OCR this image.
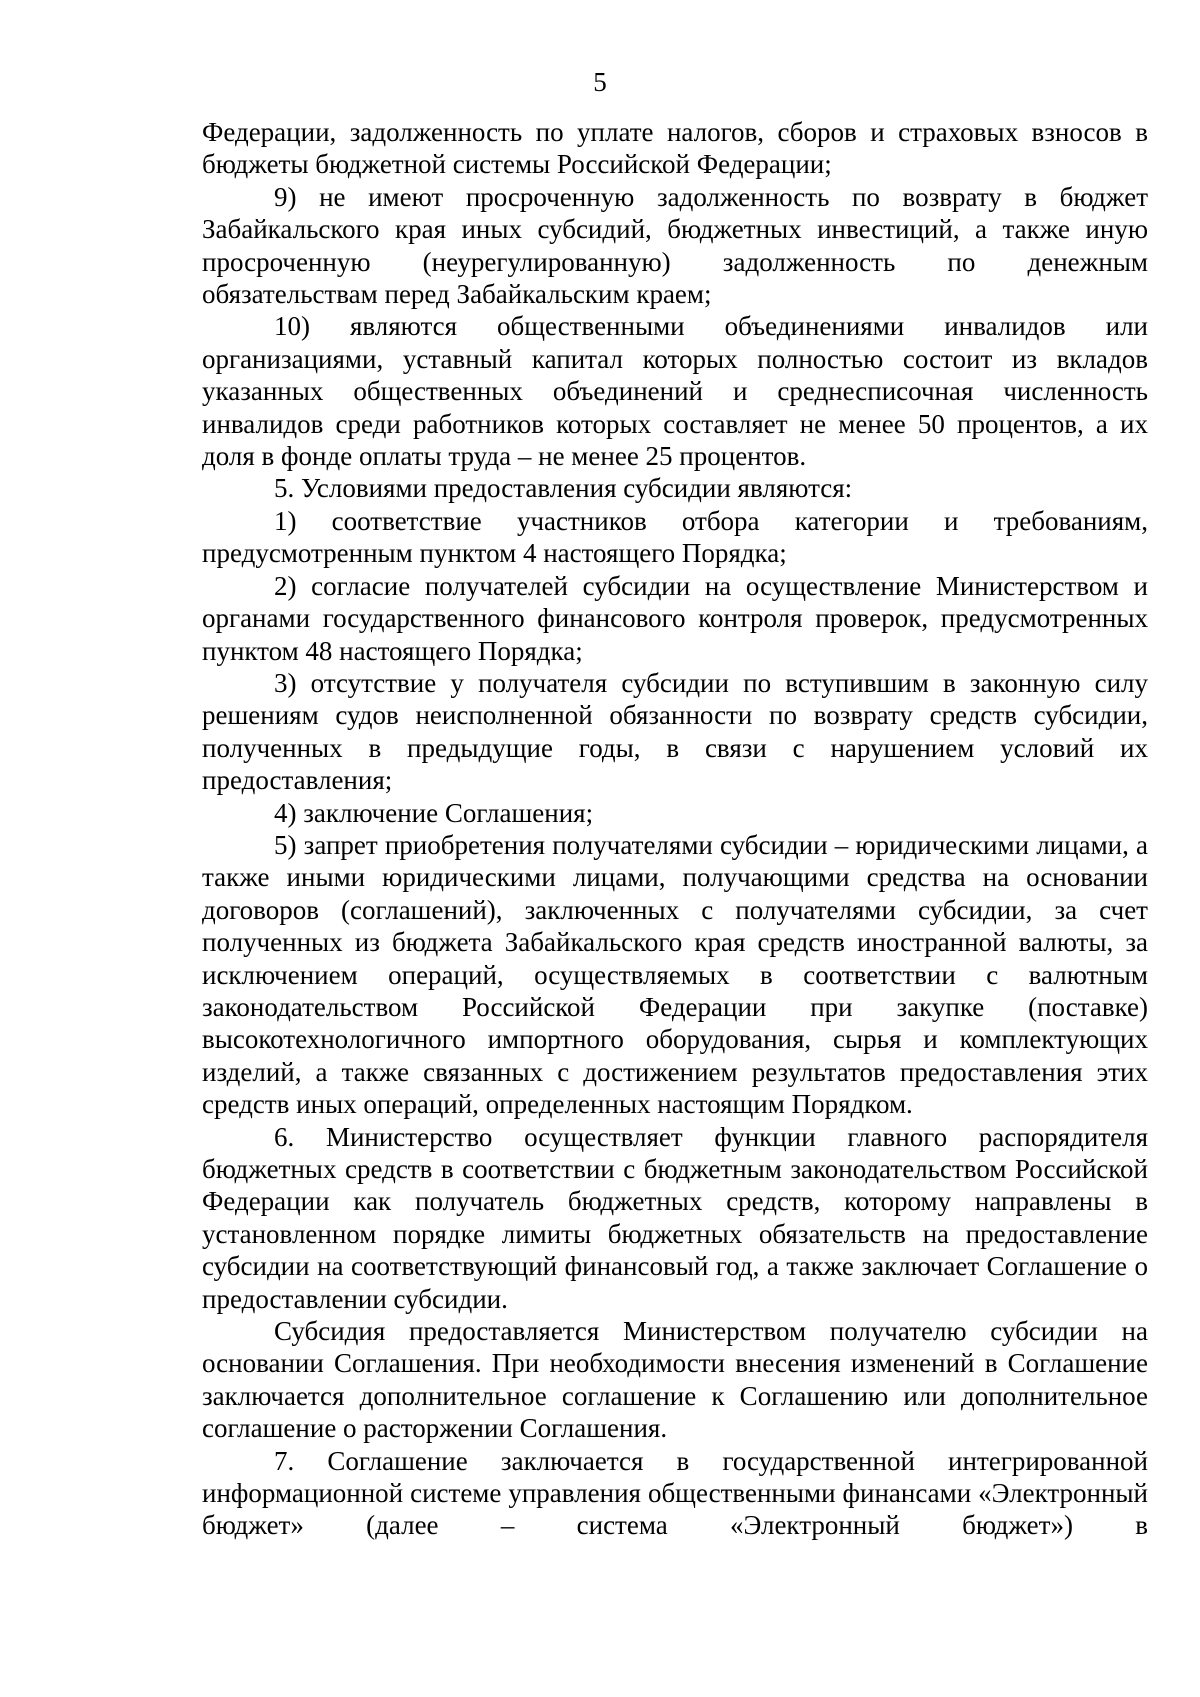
5

Федерации, задолженность по уплате налогов, сборов и страховых взносов в бюджеты бюджетной системы Российской Федерации;

9) не имеют просроченную задолженность по возврату в бюджет Забайкальского края иных субсидий, бюджетных инвестиций, а также иную просроченную (неурегулированную) задолженность по денежным обязательствам перед Забайкальским краем;

10) являются общественными объединениями инвалидов или организациями, уставный капитал которых полностью состоит из вкладов указанных общественных объединений и среднесписочная численность инвалидов среди работников которых составляет не менее 50 процентов, а их доля в фонде оплаты труда – не менее 25 процентов.

5. Условиями предоставления субсидии являются:

1) соответствие участников отбора категории и требованиям, предусмотренным пунктом 4 настоящего Порядка;

2) согласие получателей субсидии на осуществление Министерством и органами государственного финансового контроля проверок, предусмотренных пунктом 48 настоящего Порядка;

3) отсутствие у получателя субсидии по вступившим в законную силу решениям судов неисполненной обязанности по возврату средств субсидии, полученных в предыдущие годы, в связи с нарушением условий их предоставления;

4) заключение Соглашения;

5) запрет приобретения получателями субсидии – юридическими лицами, а также иными юридическими лицами, получающими средства на основании договоров (соглашений), заключенных с получателями субсидии, за счет полученных из бюджета Забайкальского края средств иностранной валюты, за исключением операций, осуществляемых в соответствии с валютным законодательством Российской Федерации при закупке (поставке) высокотехнологичного импортного оборудования, сырья и комплектующих изделий, а также связанных с достижением результатов предоставления этих средств иных операций, определенных настоящим Порядком.

6. Министерство осуществляет функции главного распорядителя бюджетных средств в соответствии с бюджетным законодательством Российской Федерации как получатель бюджетных средств, которому направлены в установленном порядке лимиты бюджетных обязательств на предоставление субсидии на соответствующий финансовый год, а также заключает Соглашение о предоставлении субсидии.

Субсидия предоставляется Министерством получателю субсидии на основании Соглашения. При необходимости внесения изменений в Соглашение заключается дополнительное соглашение к Соглашению или дополнительное соглашение о расторжении Соглашения.

7. Соглашение заключается в государственной интегрированной информационной системе управления общественными финансами «Электронный бюджет» (далее – система «Электронный бюджет») в
